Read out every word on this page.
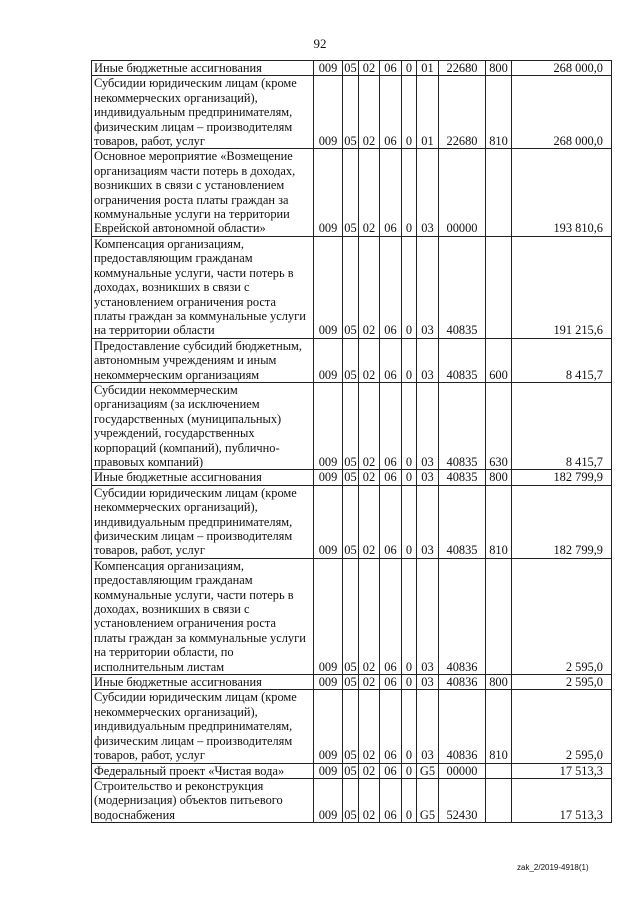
92
Иные бюджетные ассигнования	009	05	02	06	0	01	22680	800	268 000,0
Субсидии юридическим лицам (кроме некоммерческих организаций), индивидуальным предпринимателям, физическим лицам – производителям товаров, работ, услуг	009	05	02	06	0	01	22680	810	268 000,0
Основное мероприятие «Возмещение организациям части потерь в доходах, возникших в связи с установлением ограничения роста платы граждан за коммунальные услуги на территории Еврейской автономной области»	009	05	02	06	0	03	00000		193 810,6
Компенсация организациям, предоставляющим гражданам коммунальные услуги, части потерь в доходах, возникших в связи с установлением ограничения роста платы граждан за коммунальные услуги на территории области	009	05	02	06	0	03	40835		191 215,6
Предоставление субсидий бюджетным, автономным учреждениям и иным некоммерческим организациям	009	05	02	06	0	03	40835	600	8 415,7
Субсидии некоммерческим организациям (за исключением государственных (муниципальных) учреждений, государственных корпораций (компаний), публично-правовых компаний)	009	05	02	06	0	03	40835	630	8 415,7
Иные бюджетные ассигнования	009	05	02	06	0	03	40835	800	182 799,9
Субсидии юридическим лицам (кроме некоммерческих организаций), индивидуальным предпринимателям, физическим лицам – производителям товаров, работ, услуг	009	05	02	06	0	03	40835	810	182 799,9
Компенсация организациям, предоставляющим гражданам коммунальные услуги, части потерь в доходах, возникших в связи с установлением ограничения роста платы граждан за коммунальные услуги на территории области, по исполнительным листам	009	05	02	06	0	03	40836		2 595,0
Иные бюджетные ассигнования	009	05	02	06	0	03	40836	800	2 595,0
Субсидии юридическим лицам (кроме некоммерческих организаций), индивидуальным предпринимателям, физическим лицам – производителям товаров, работ, услуг	009	05	02	06	0	03	40836	810	2 595,0
Федеральный проект «Чистая вода»	009	05	02	06	0	G5	00000		17 513,3
Строительство и реконструкция (модернизация) объектов питьевого водоснабжения	009	05	02	06	0	G5	52430		17 513,3
zak_2/2019-4918(1)
